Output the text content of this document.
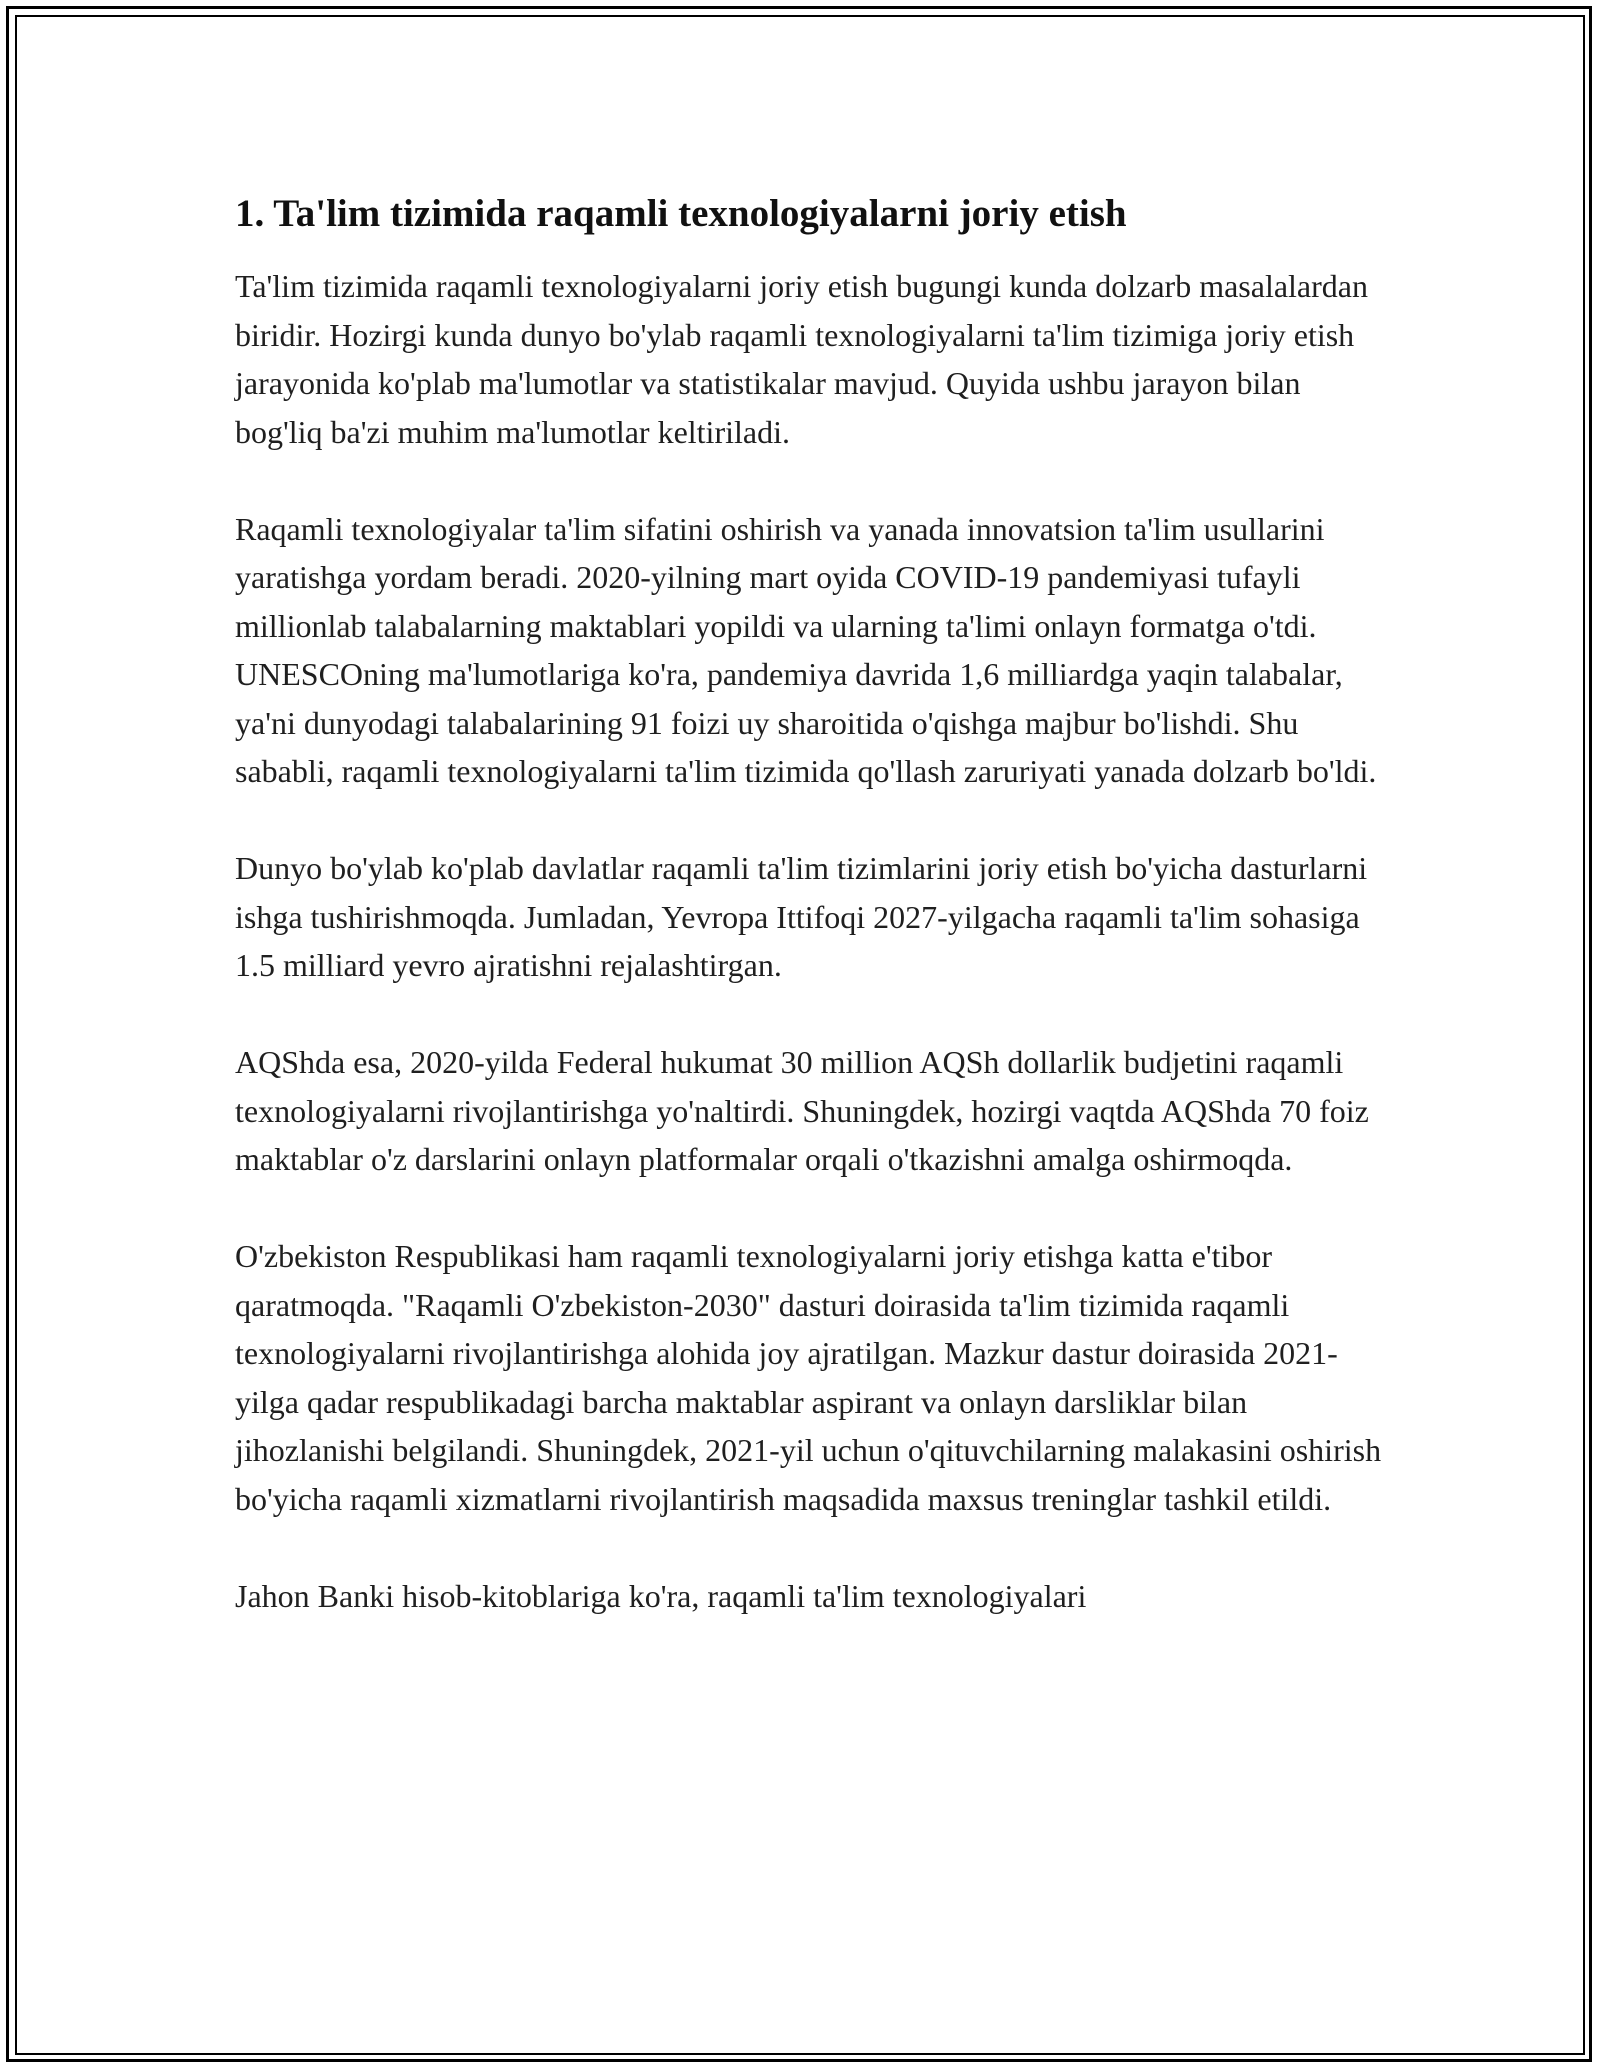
1. Ta'lim tizimida raqamli texnologiyalarni joriy etish

Ta'lim tizimida raqamli texnologiyalarni joriy etish bugungi kunda dolzarb masalalardan biridir. Hozirgi kunda dunyo bo'ylab raqamli texnologiyalarni ta'lim tizimiga joriy etish jarayonida ko'plab ma'lumotlar va statistikalar mavjud. Quyida ushbu jarayon bilan bog'liq ba'zi muhim ma'lumotlar keltiriladi.

Raqamli texnologiyalar ta'lim sifatini oshirish va yanada innovatsion ta'lim usullarini yaratishga yordam beradi. 2020-yilning mart oyida COVID-19 pandemiyasi tufayli millionlab talabalarning maktablari yopildi va ularning ta'limi onlayn formatga o'tdi. UNESCOning ma'lumotlariga ko'ra, pandemiya davrida 1,6 milliardga yaqin talabalar, ya'ni dunyodagi talabalarining 91 foizi uy sharoitida o'qishga majbur bo'lishdi. Shu sababli, raqamli texnologiyalarni ta'lim tizimida qo'llash zaruriyati yanada dolzarb bo'ldi.

Dunyo bo'ylab ko'plab davlatlar raqamli ta'lim tizimlarini joriy etish bo'yicha dasturlarni ishga tushirishmoqda. Jumladan, Yevropa Ittifoqi 2027-yilgacha raqamli ta'lim sohasiga 1.5 milliard yevro ajratishni rejalashtirgan.

AQShda esa, 2020-yilda Federal hukumat 30 million AQSh dollarlik budjetini raqamli texnologiyalarni rivojlantirishga yo'naltirdi. Shuningdek, hozirgi vaqtda AQShda 70 foiz maktablar o'z darslarini onlayn platformalar orqali o'tkazishni amalga oshirmoqda.

O'zbekiston Respublikasi ham raqamli texnologiyalarni joriy etishga katta e'tibor qaratmoqda. "Raqamli O'zbekiston-2030" dasturi doirasida ta'lim tizimida raqamli texnologiyalarni rivojlantirishga alohida joy ajratilgan. Mazkur dastur doirasida 2021-yilga qadar respublikadagi barcha maktablar aspirant va onlayn darsliklar bilan jihozlanishi belgilandi. Shuningdek, 2021-yil uchun o'qituvchilarning malakasini oshirish bo'yicha raqamli xizmatlarni rivojlantirish maqsadida maxsus treninglar tashkil etildi.

Jahon Banki hisob-kitoblariga ko'ra, raqamli ta'lim texnologiyalari
